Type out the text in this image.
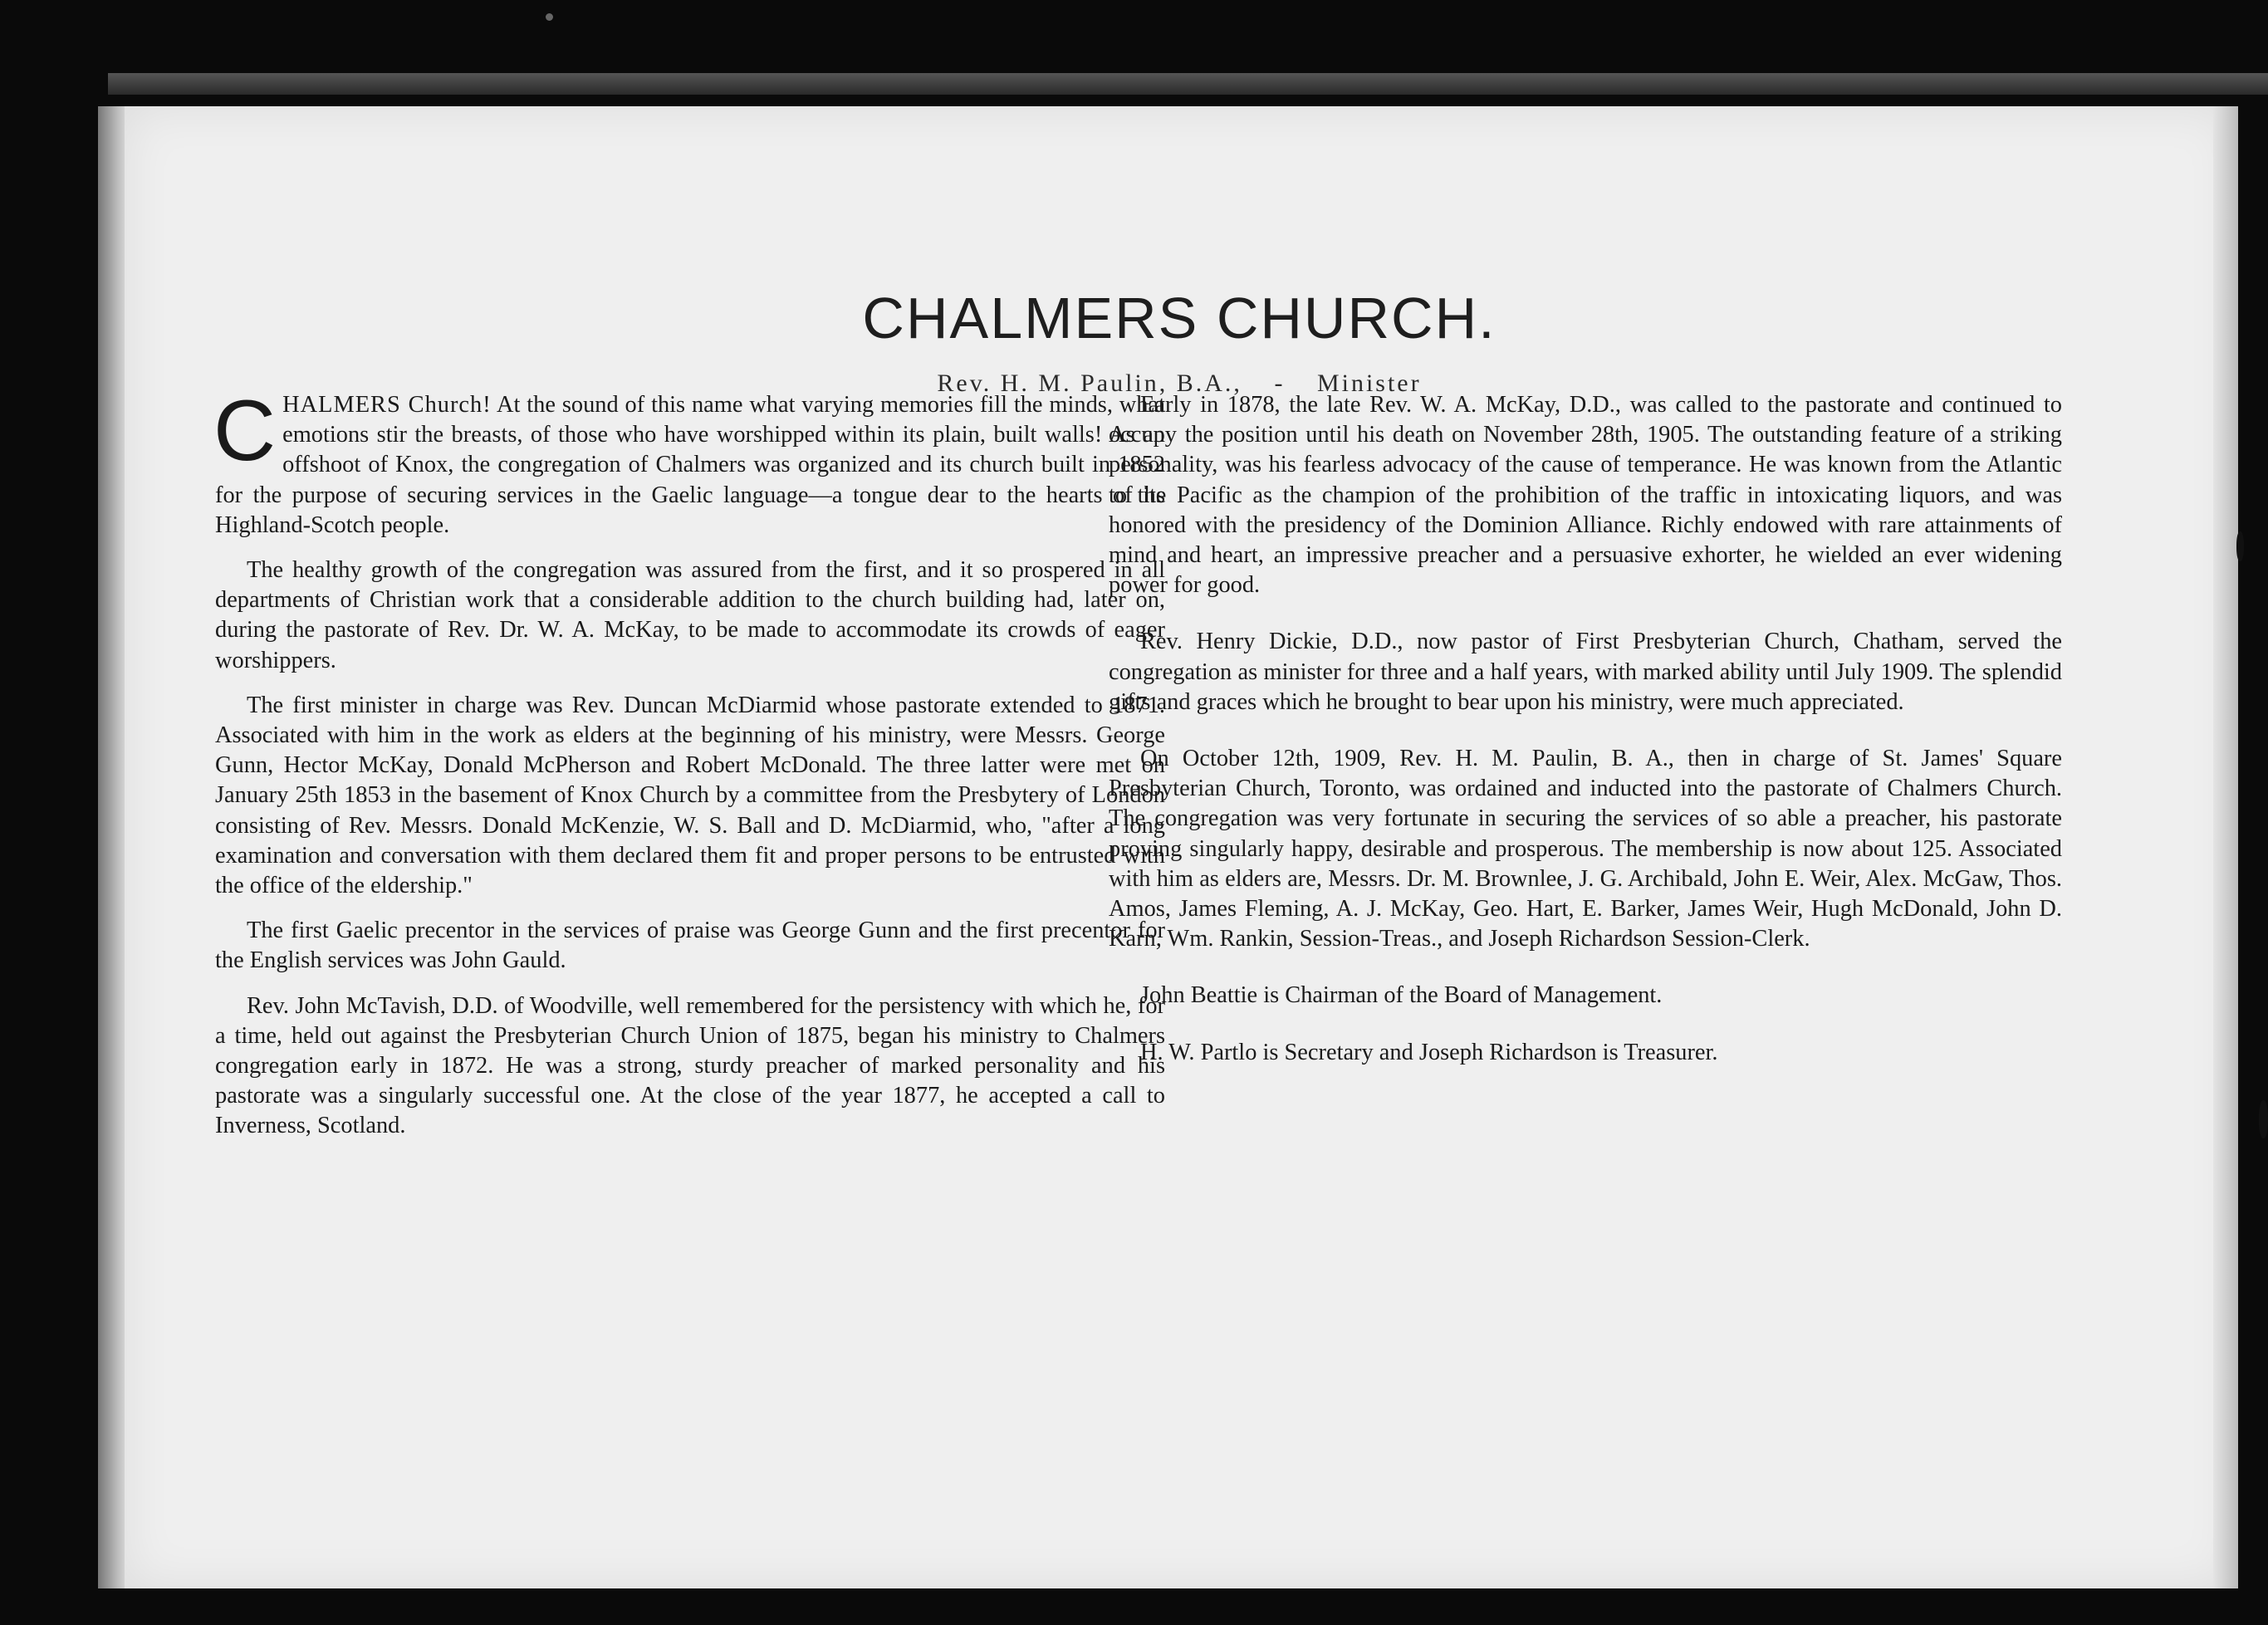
CHALMERS CHURCH.
Rev. H. M. Paulin, B.A., - Minister

CHALMERS Church! At the sound of this name what varying memories fill the minds, what emotions stir the breasts, of those who have worshipped within its plain, built walls! As an offshoot of Knox, the congregation of Chalmers was organized and its church built in 1852 for the purpose of securing services in the Gaelic language—a tongue dear to the hearts of its Highland-Scotch people.

The healthy growth of the congregation was assured from the first, and it so prospered in all departments of Christian work that a considerable addition to the church building had, later on, during the pastorate of Rev. Dr. W. A. McKay, to be made to accommodate its crowds of eager worshippers.

The first minister in charge was Rev. Duncan McDiarmid whose pastorate extended to 1871. Associated with him in the work as elders at the beginning of his ministry, were Messrs. George Gunn, Hector McKay, Donald McPherson and Robert McDonald. The three latter were met on January 25th 1853 in the basement of Knox Church by a committee from the Presbytery of London consisting of Rev. Messrs. Donald McKenzie, W. S. Ball and D. McDiarmid, who, "after a long examination and conversation with them declared them fit and proper persons to be entrusted with the office of the eldership."

The first Gaelic precentor in the services of praise was George Gunn and the first precentor for the English services was John Gauld.

Rev. John McTavish, D.D. of Woodville, well remembered for the persistency with which he, for a time, held out against the Presbyterian Church Union of 1875, began his ministry to Chalmers congregation early in 1872. He was a strong, sturdy preacher of marked personality and his pastorate was a singularly successful one. At the close of the year 1877, he accepted a call to Inverness, Scotland.

Early in 1878, the late Rev. W. A. McKay, D.D., was called to the pastorate and continued to occupy the position until his death on November 28th, 1905. The outstanding feature of a striking personality, was his fearless advocacy of the cause of temperance. He was known from the Atlantic to the Pacific as the champion of the prohibition of the traffic in intoxicating liquors, and was honored with the presidency of the Dominion Alliance. Richly endowed with rare attainments of mind and heart, an impressive preacher and a persuasive exhorter, he wielded an ever widening power for good.

Rev. Henry Dickie, D.D., now pastor of First Presbyterian Church, Chatham, served the congregation as minister for three and a half years, with marked ability until July 1909. The splendid gifts and graces which he brought to bear upon his ministry, were much appreciated.

On October 12th, 1909, Rev. H. M. Paulin, B. A., then in charge of St. James' Square Presbyterian Church, Toronto, was ordained and inducted into the pastorate of Chalmers Church. The congregation was very fortunate in securing the services of so able a preacher, his pastorate proving singularly happy, desirable and prosperous. The membership is now about 125. Associated with him as elders are, Messrs. Dr. M. Brownlee, J. G. Archibald, John E. Weir, Alex. McGaw, Thos. Amos, James Fleming, A. J. McKay, Geo. Hart, E. Barker, James Weir, Hugh McDonald, John D. Karn, Wm. Rankin, Session-Treas., and Joseph Richardson Session-Clerk.

John Beattie is Chairman of the Board of Management.

H. W. Partlo is Secretary and Joseph Richardson is Treasurer.
